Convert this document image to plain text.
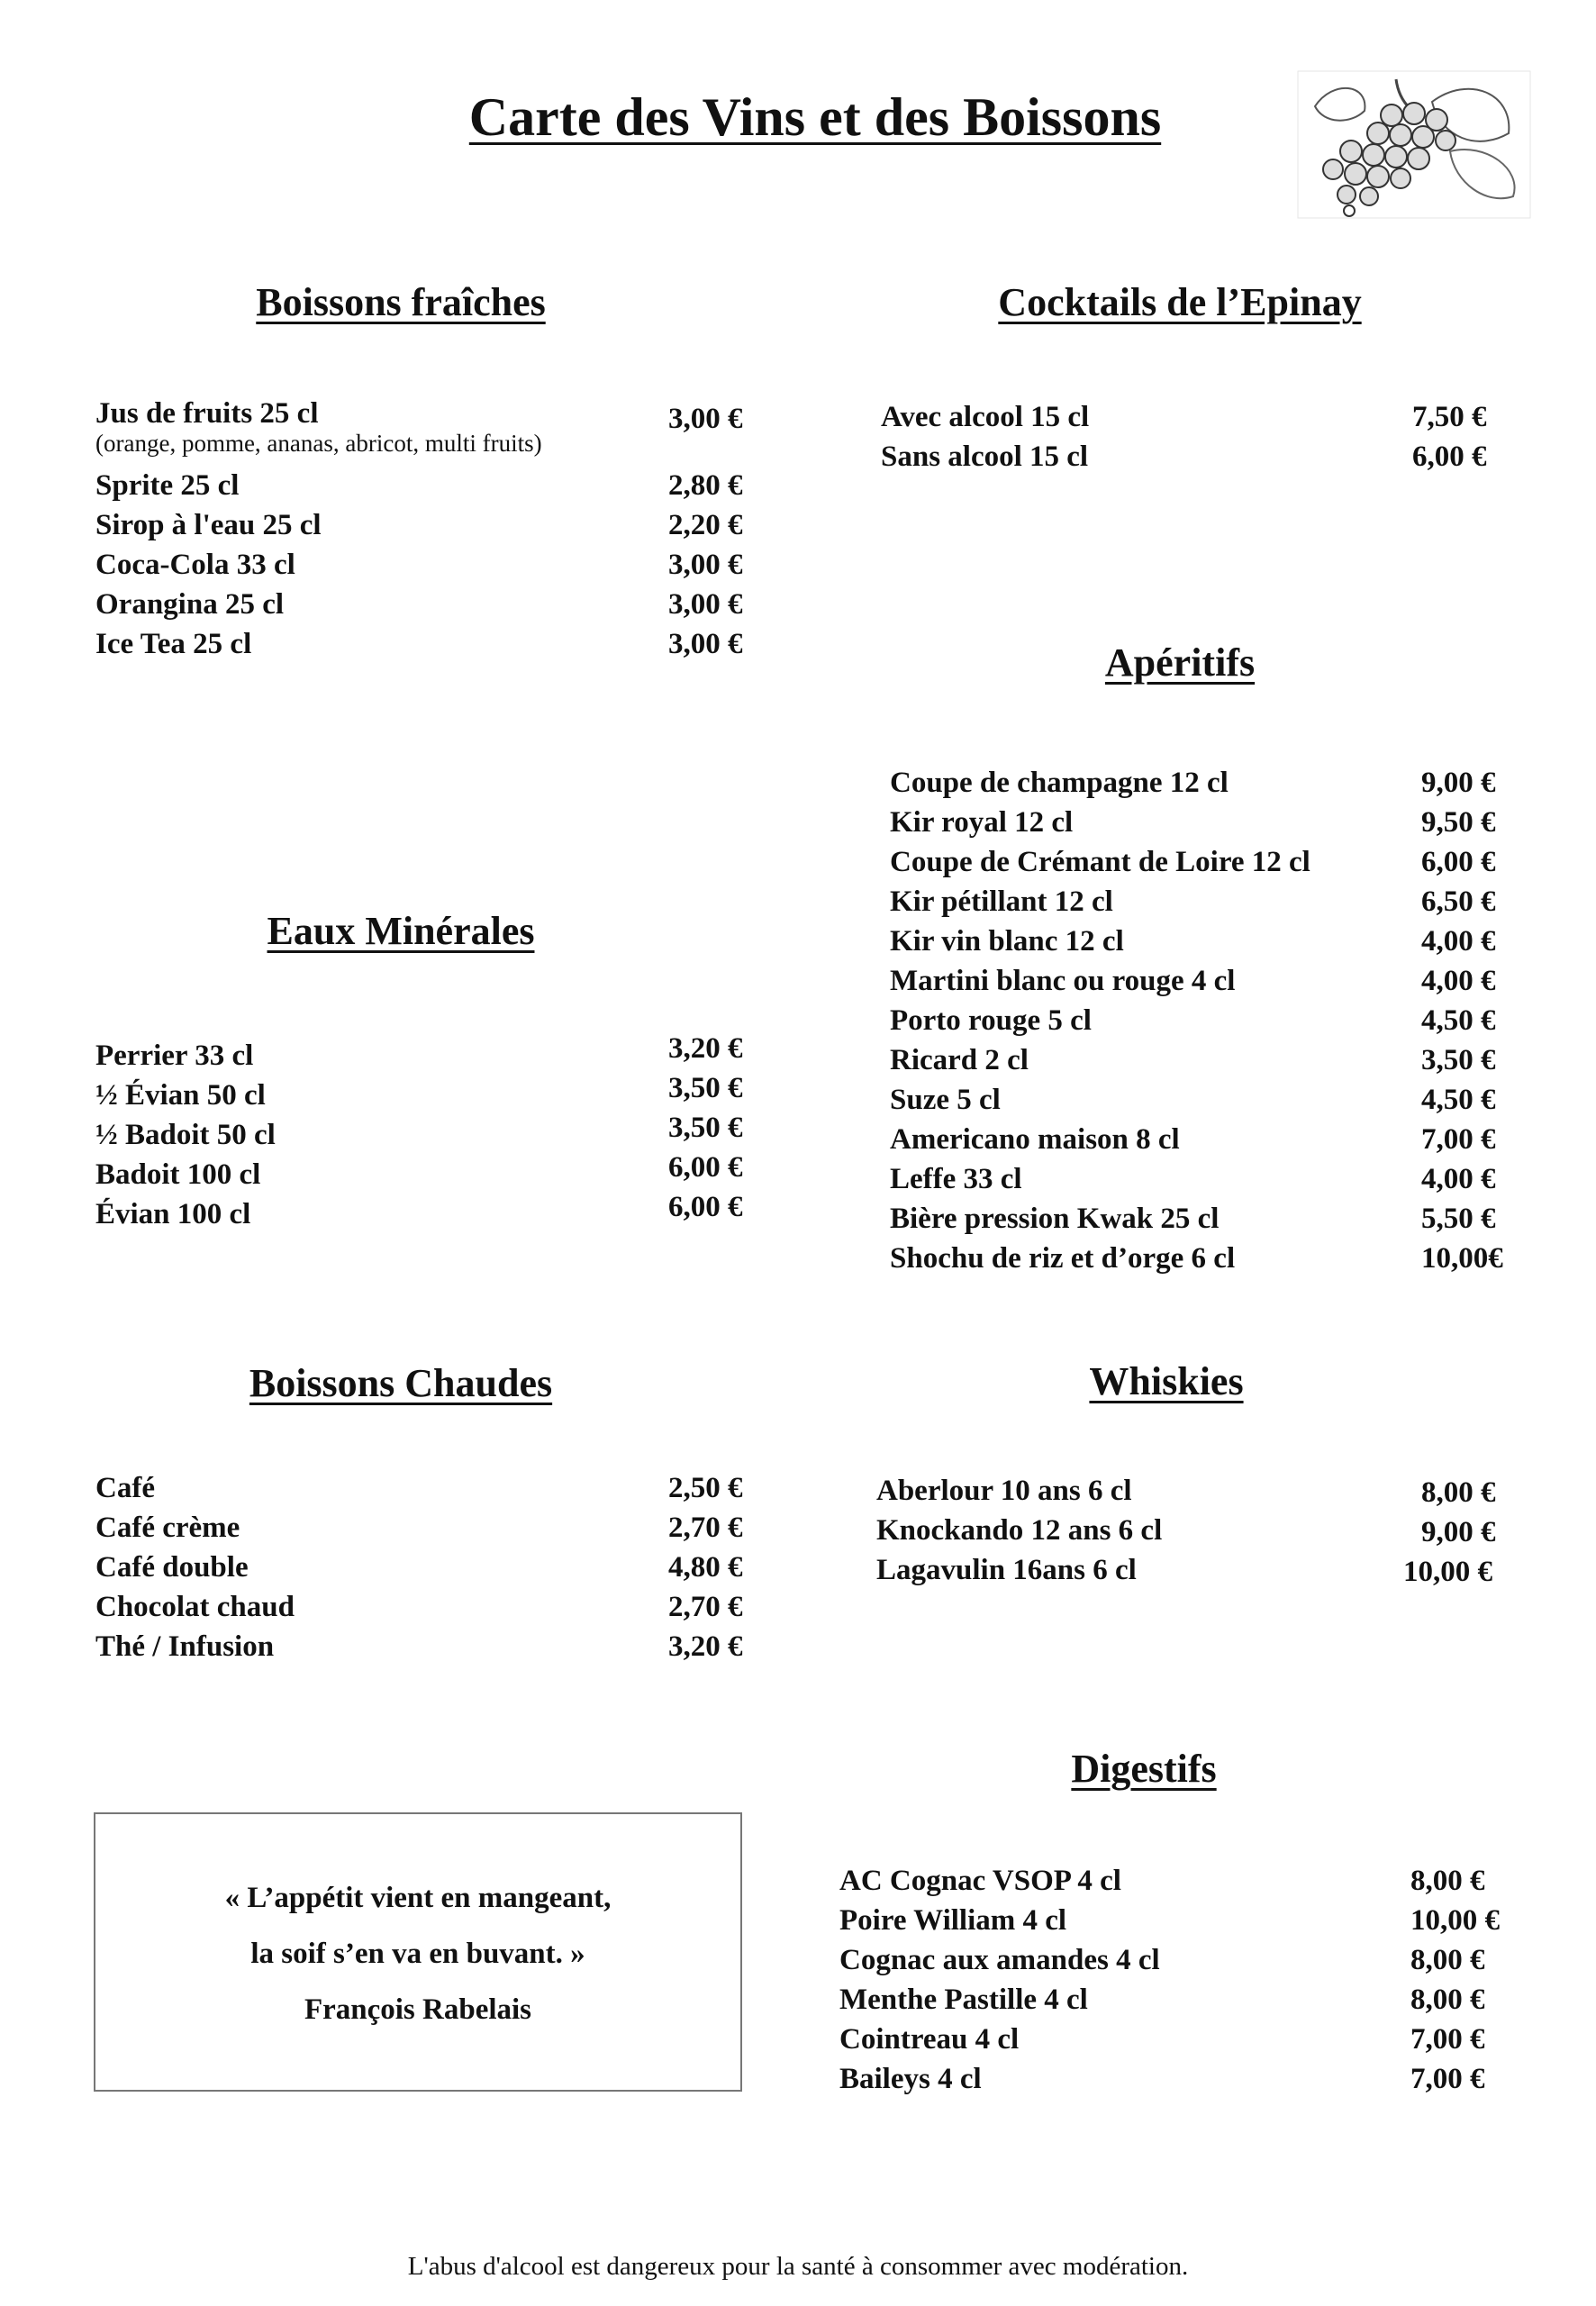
Carte des Vins et des Boissons
Boissons fraîches
Jus de fruits 25 cl	3,00 €
(orange, pomme, ananas, abricot, multi fruits)
Sprite 25 cl	2,80 €
Sirop à l'eau 25 cl	2,20 €
Coca-Cola 33 cl	3,00 €
Orangina 25 cl	3,00 €
Ice Tea 25 cl	3,00 €
Cocktails de l’Epinay
Avec alcool 15 cl	7,50 €
Sans alcool 15 cl	6,00 €
Apéritifs
Coupe de champagne 12 cl	9,00 €
Kir royal 12 cl	9,50 €
Coupe de Crémant de Loire 12 cl	6,00 €
Kir pétillant 12 cl	6,50 €
Kir vin blanc 12 cl	4,00 €
Martini blanc ou rouge 4 cl	4,00 €
Porto rouge 5 cl	4,50 €
Ricard 2 cl	3,50 €
Suze 5 cl	4,50 €
Americano maison 8 cl	7,00 €
Leffe 33 cl	4,00 €
Bière pression Kwak 25 cl	5,50 €
Shochu de riz et d’orge 6 cl	10,00€
Eaux Minérales
Perrier 33 cl	3,20 €
½ Évian 50 cl	3,50 €
½ Badoit 50 cl	3,50 €
Badoit 100 cl	6,00 €
Évian 100 cl	6,00 €
Boissons Chaudes
Café	2,50 €
Café crème	2,70 €
Café double	4,80 €
Chocolat chaud	2,70 €
Thé / Infusion	3,20 €
Whiskies
Aberlour 10 ans 6 cl	8,00 €
Knockando 12 ans 6 cl	9,00 €
Lagavulin 16ans 6 cl	10,00 €
Digestifs
AC Cognac VSOP 4 cl	8,00 €
Poire William 4 cl	10,00 €
Cognac aux amandes 4 cl	8,00 €
Menthe Pastille 4 cl	8,00 €
Cointreau 4 cl	7,00 €
Baileys 4 cl	7,00 €
« L’appétit vient en mangeant,
la soif s’en va en buvant. »
François Rabelais
L'abus d'alcool est dangereux pour la santé à consommer avec modération.
